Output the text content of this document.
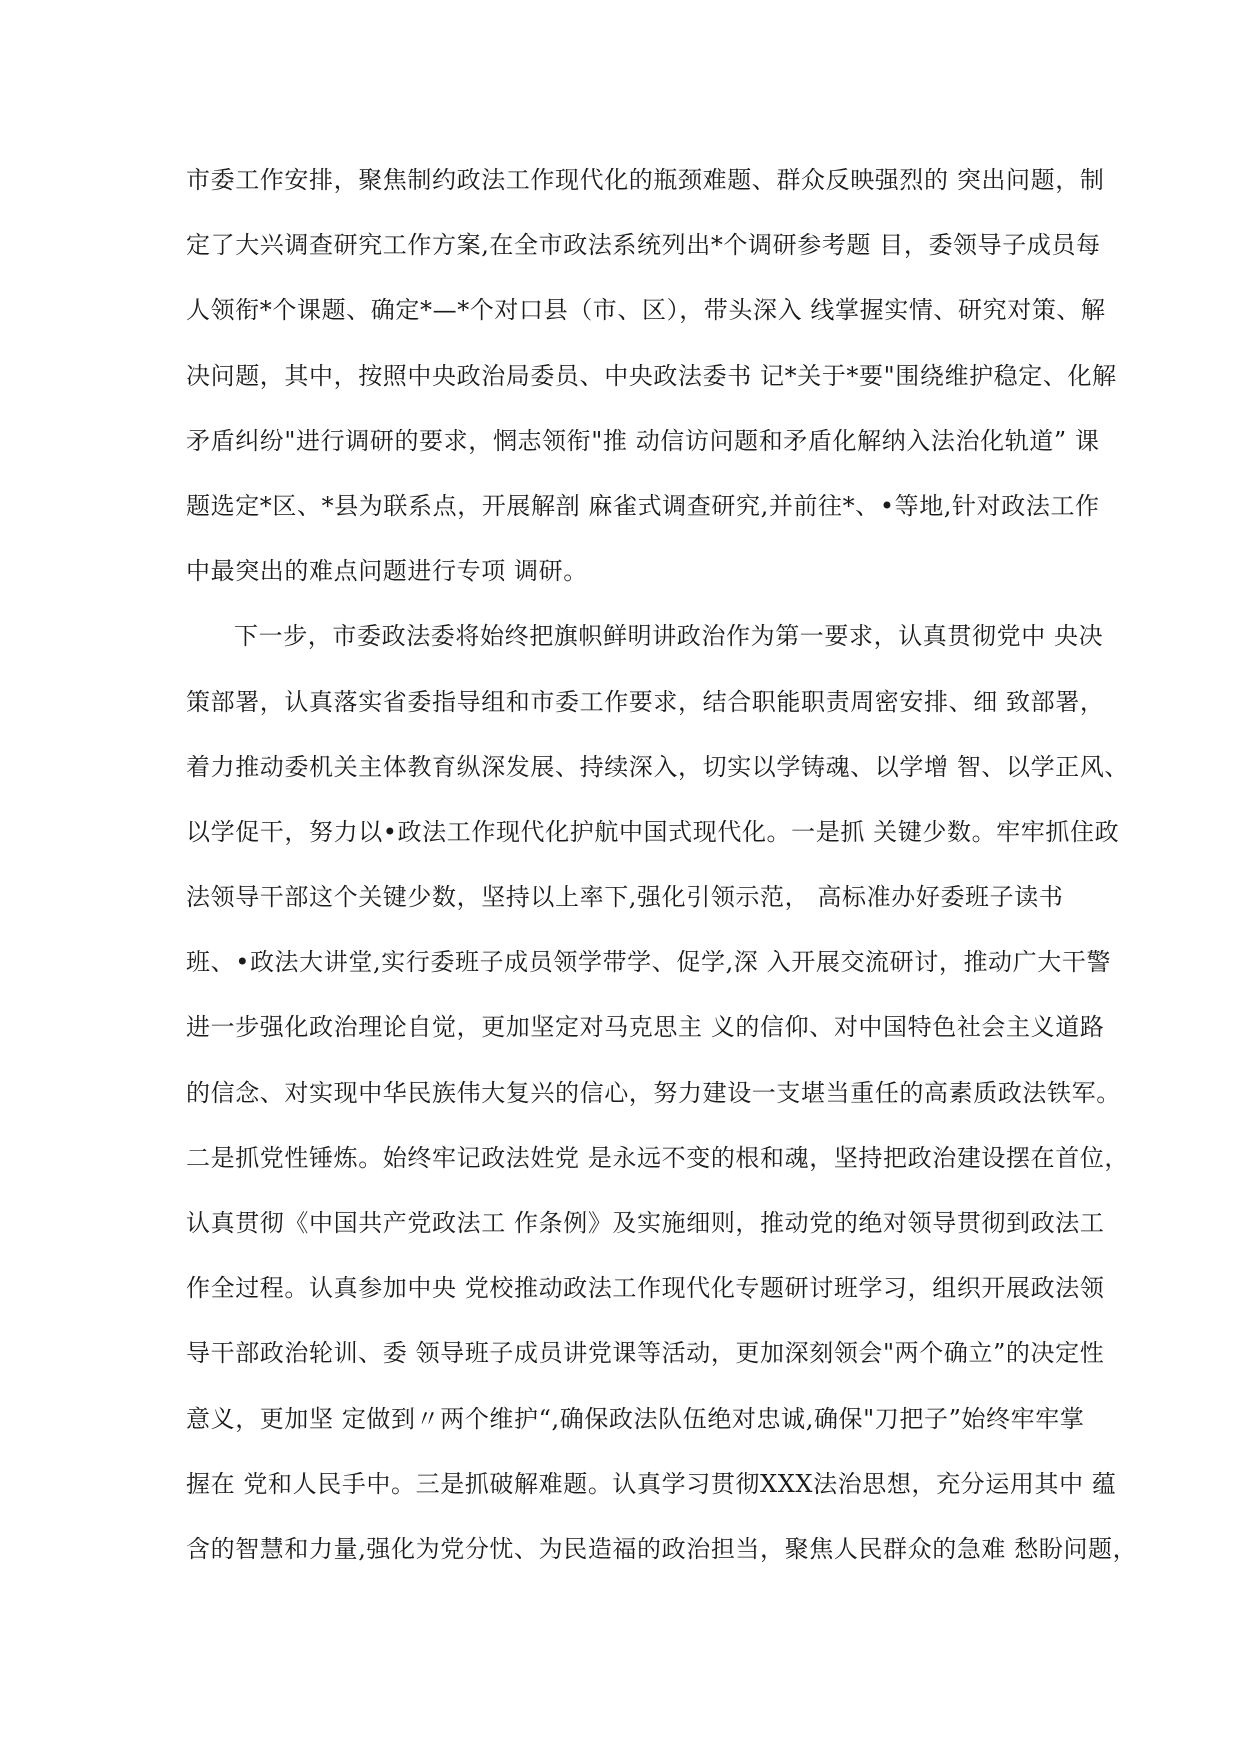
市委工作安排，聚焦制约政法工作现代化的瓶颈难题、群众反映强烈的 突出问题，制
定了大兴调查研究工作方案,在全市政法系统列出*个调研参考题 目，委领导子成员每
人领衔*个课题、确定*—*个对口县（市、区），带头深入 线掌握实情、研究对策、解
决问题，其中，按照中央政治局委员、中央政法委书 记*关于*要"围绕维护稳定、化解
矛盾纠纷"进行调研的要求，惘志领衔"推 动信访问题和矛盾化解纳入法治化轨道” 课
题选定*区、*县为联系点，开展解剖 麻雀式调查研究,并前往*、•等地,针对政法工作
中最突出的难点问题进行专项 调研。
下一步，市委政法委将始终把旗帜鲜明讲政治作为第一要求，认真贯彻党中 央决
策部署，认真落实省委指导组和市委工作要求，结合职能职责周密安排、细 致部署，
着力推动委机关主体教育纵深发展、持续深入，切实以学铸魂、以学增 智、以学正风、
以学促干，努力以•政法工作现代化护航中国式现代化。一是抓 关键少数。牢牢抓住政
法领导干部这个关键少数，坚持以上率下,强化引领示范， 高标准办好委班子读书
班、•政法大讲堂,实行委班子成员领学带学、促学,深 入开展交流研讨，推动广大干警
进一步强化政治理论自觉，更加坚定对马克思主 义的信仰、对中国特色社会主义道路
的信念、对实现中华民族伟大复兴的信心，努力建设一支堪当重任的高素质政法铁军。
二是抓党性锤炼。始终牢记政法姓党 是永远不变的根和魂，坚持把政治建设摆在首位，
认真贯彻《中国共产党政法工 作条例》及实施细则，推动党的绝对领导贯彻到政法工
作全过程。认真参加中央 党校推动政法工作现代化专题研讨班学习，组织开展政法领
导干部政治轮训、委 领导班子成员讲党课等活动，更加深刻领会"两个确立”的决定性
意义，更加坚 定做到〃两个维护“,确保政法队伍绝对忠诚,确保"刀把子”始终牢牢掌
握在 党和人民手中。三是抓破解难题。认真学习贯彻XXX法治思想，充分运用其中 蕴
含的智慧和力量,强化为党分忧、为民造福的政治担当，聚焦人民群众的急难 愁盼问题，
